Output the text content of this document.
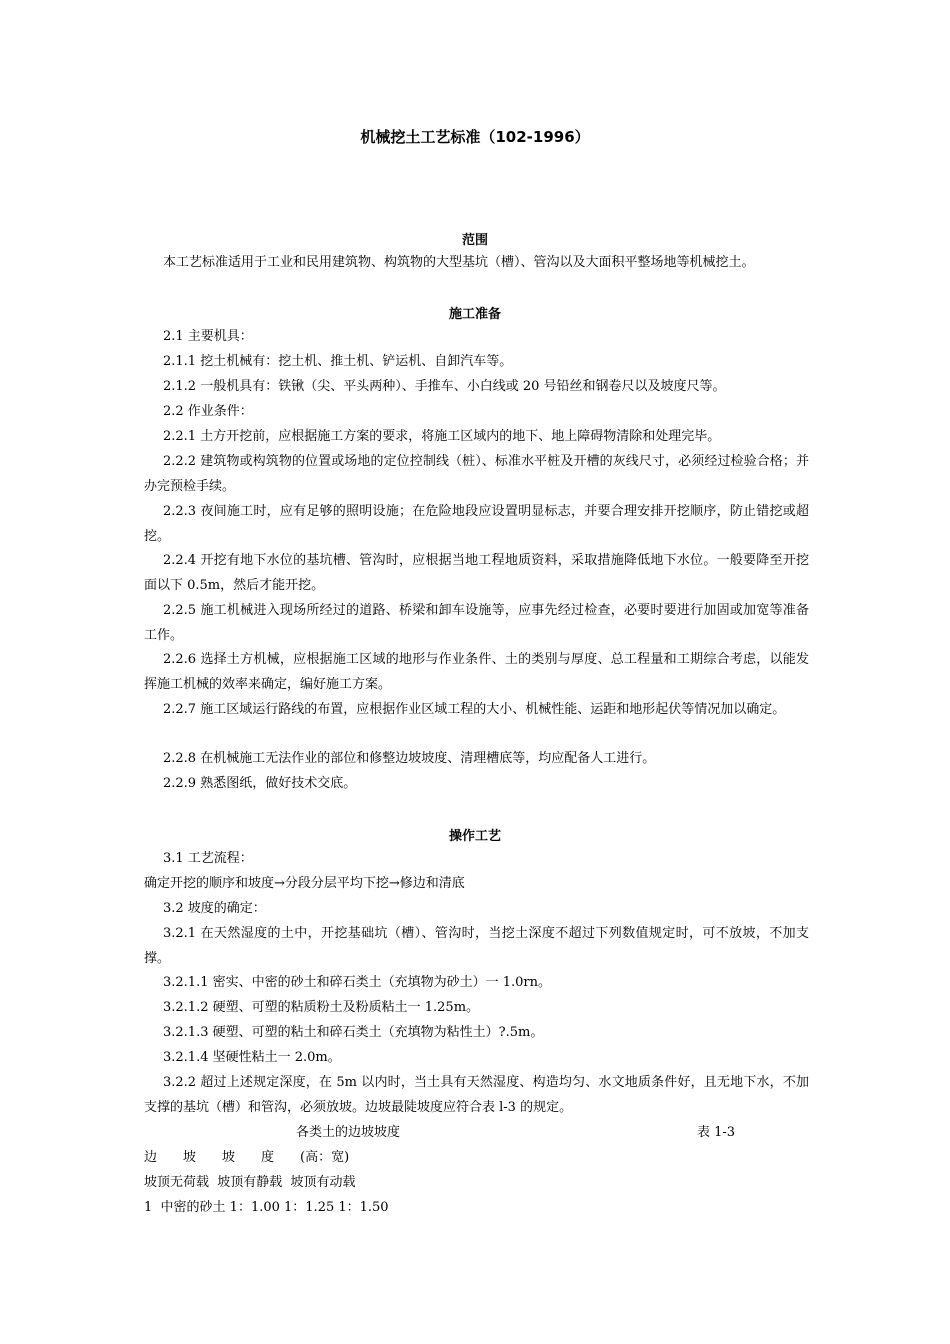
机械挖土工艺标准（102-1996）
范围
本工艺标准适用于工业和民用建筑物、构筑物的大型基坑（槽）、管沟以及大面积平整场地等机械挖土。
施工准备
2.1 主要机具：
2.1.1 挖土机械有：挖土机、推土机、铲运机、自卸汽车等。
2.1.2 一般机具有：铁锹（尖、平头两种）、手推车、小白线或 20 号铅丝和钢卷尺以及坡度尺等。
2.2 作业条件：
2.2.1 土方开挖前，应根据施工方案的要求，将施工区域内的地下、地上障碍物清除和处理完毕。
2.2.2 建筑物或构筑物的位置或场地的定位控制线（桩）、标准水平桩及开槽的灰线尺寸，必须经过检验合格；并办完预检手续。
2.2.3 夜间施工时，应有足够的照明设施；在危险地段应设置明显标志，并要合理安排开挖顺序，防止错挖或超挖。
2.2.4 开挖有地下水位的基坑槽、管沟时，应根据当地工程地质资料，采取措施降低地下水位。一般要降至开挖面以下 0.5m，然后才能开挖。
2.2.5 施工机械进入现场所经过的道路、桥梁和卸车设施等，应事先经过检查，必要时要进行加固或加宽等准备工作。
2.2.6 选择土方机械，应根据施工区域的地形与作业条件、土的类别与厚度、总工程量和工期综合考虑，以能发挥施工机械的效率来确定，编好施工方案。
2.2.7 施工区域运行路线的布置，应根据作业区域工程的大小、机械性能、运距和地形起伏等情况加以确定。
2.2.8 在机械施工无法作业的部位和修整边坡坡度、清理槽底等，均应配备人工进行。
2.2.9 熟悉图纸，做好技术交底。
操作工艺
3.1 工艺流程：
确定开挖的顺序和坡度→分段分层平均下挖→修边和清底
3.2 坡度的确定：
3.2.1 在天然湿度的土中，开挖基础坑（槽）、管沟时，当挖土深度不超过下列数值规定时，可不放坡，不加支撑。
3.2.1.1 密实、中密的砂土和碎石类土（充填物为砂土）一 1.0rn。
3.2.1.2 硬塑、可塑的粘质粉土及粉质粘土一 1.25m。
3.2.1.3 硬塑、可塑的粘土和碎石类土（充填物为粘性土）?.5m。
3.2.1.4 坚硬性粘土一 2.0m。
3.2.2 超过上述规定深度，在 5m 以内时，当土具有天然湿度、构造均匀、水文地质条件好，且无地下水，不加支撑的基坑（槽）和管沟，必须放坡。边坡最陡坡度应符合表 l-3 的规定。
各类土的边坡坡度	表 1-3
边　　坡　　坡　　度　　(高：宽)
坡顶无荷载  坡顶有静载  坡顶有动载
1  中密的砂土 1：1.00 1：1.25 1：1.50
